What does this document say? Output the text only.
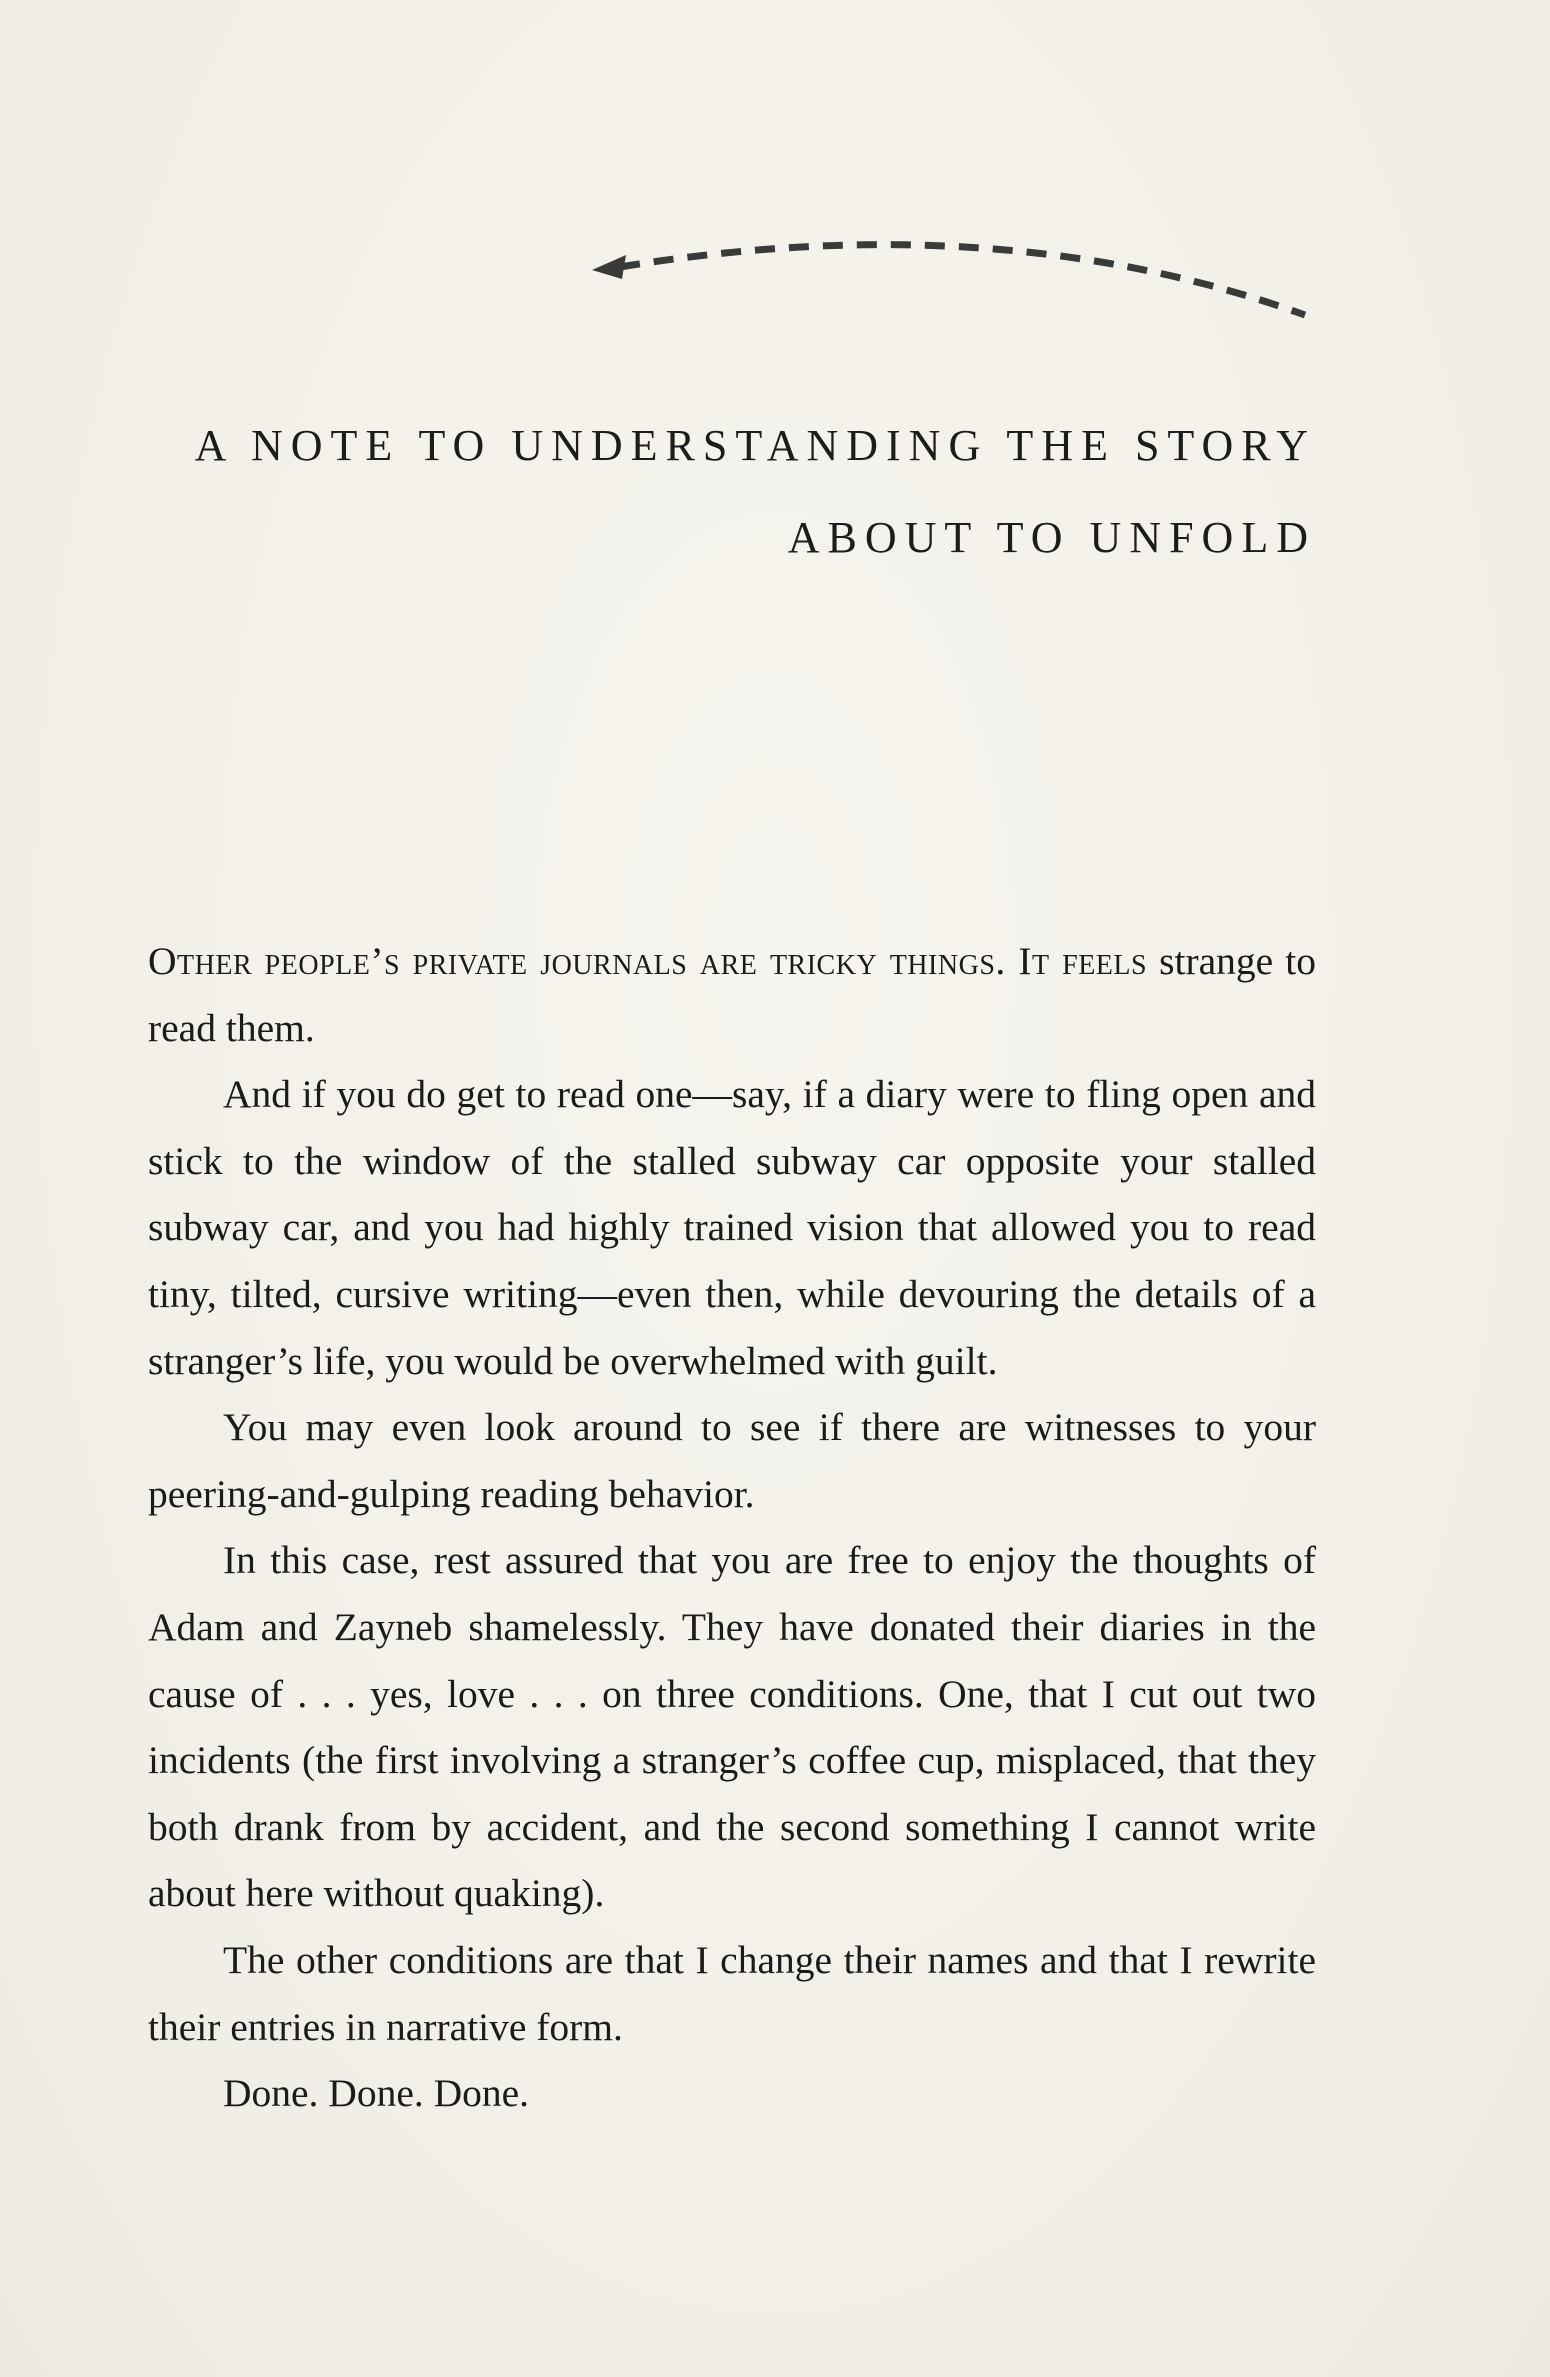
A NOTE TO UNDERSTANDING THE STORY
ABOUT TO UNFOLD

Other people’s private journals are tricky things. It feels strange to read them.

And if you do get to read one—say, if a diary were to fling open and stick to the window of the stalled subway car opposite your stalled subway car, and you had highly trained vision that allowed you to read tiny, tilted, cursive writing—even then, while devouring the details of a stranger’s life, you would be overwhelmed with guilt.

You may even look around to see if there are witnesses to your peering-and-gulping reading behavior.

In this case, rest assured that you are free to enjoy the thoughts of Adam and Zayneb shamelessly. They have donated their diaries in the cause of . . . yes, love . . . on three conditions. One, that I cut out two incidents (the first involving a stranger’s coffee cup, misplaced, that they both drank from by accident, and the second something I cannot write about here without quaking).

The other conditions are that I change their names and that I rewrite their entries in narrative form.

Done. Done. Done.
